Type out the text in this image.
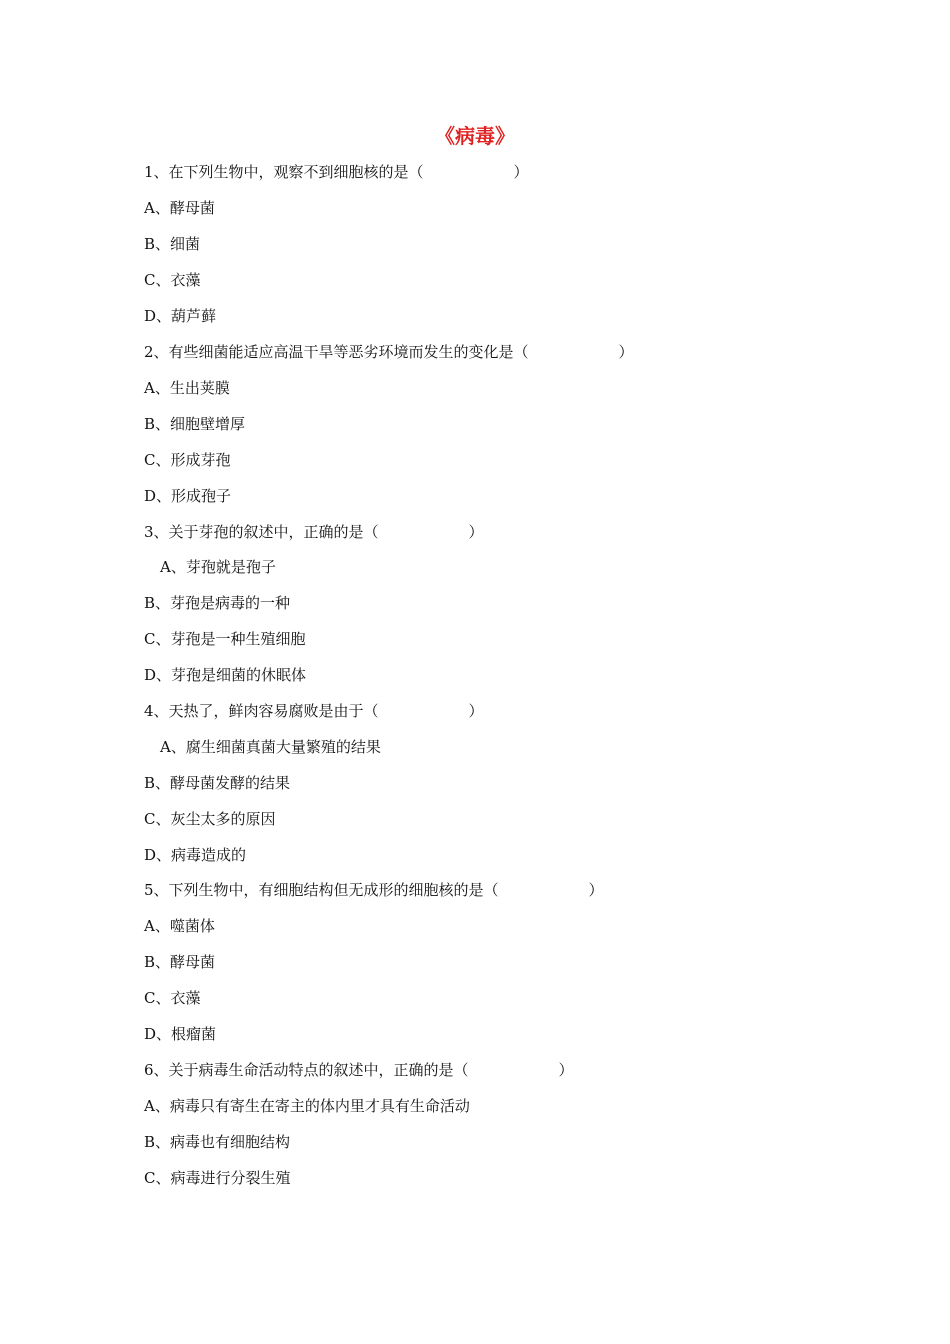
《病毒》
1、在下列生物中，观察不到细胞核的是（　　　　　　）
A、酵母菌
B、细菌
C、衣藻
D、葫芦藓
2、有些细菌能适应高温干旱等恶劣环境而发生的变化是（　　　　　　）
A、生出荚膜
B、细胞壁增厚
C、形成芽孢
D、形成孢子
3、关于芽孢的叙述中，正确的是（　　　　　　）
A、芽孢就是孢子
B、芽孢是病毒的一种
C、芽孢是一种生殖细胞
D、芽孢是细菌的休眠体
4、天热了，鲜肉容易腐败是由于（　　　　　　）
A、腐生细菌真菌大量繁殖的结果
B、酵母菌发酵的结果
C、灰尘太多的原因
D、病毒造成的
5、下列生物中，有细胞结构但无成形的细胞核的是（　　　　　　）
A、噬菌体
B、酵母菌
C、衣藻
D、根瘤菌
6、关于病毒生命活动特点的叙述中，正确的是（　　　　　　）
A、病毒只有寄生在寄主的体内里才具有生命活动
B、病毒也有细胞结构
C、病毒进行分裂生殖
